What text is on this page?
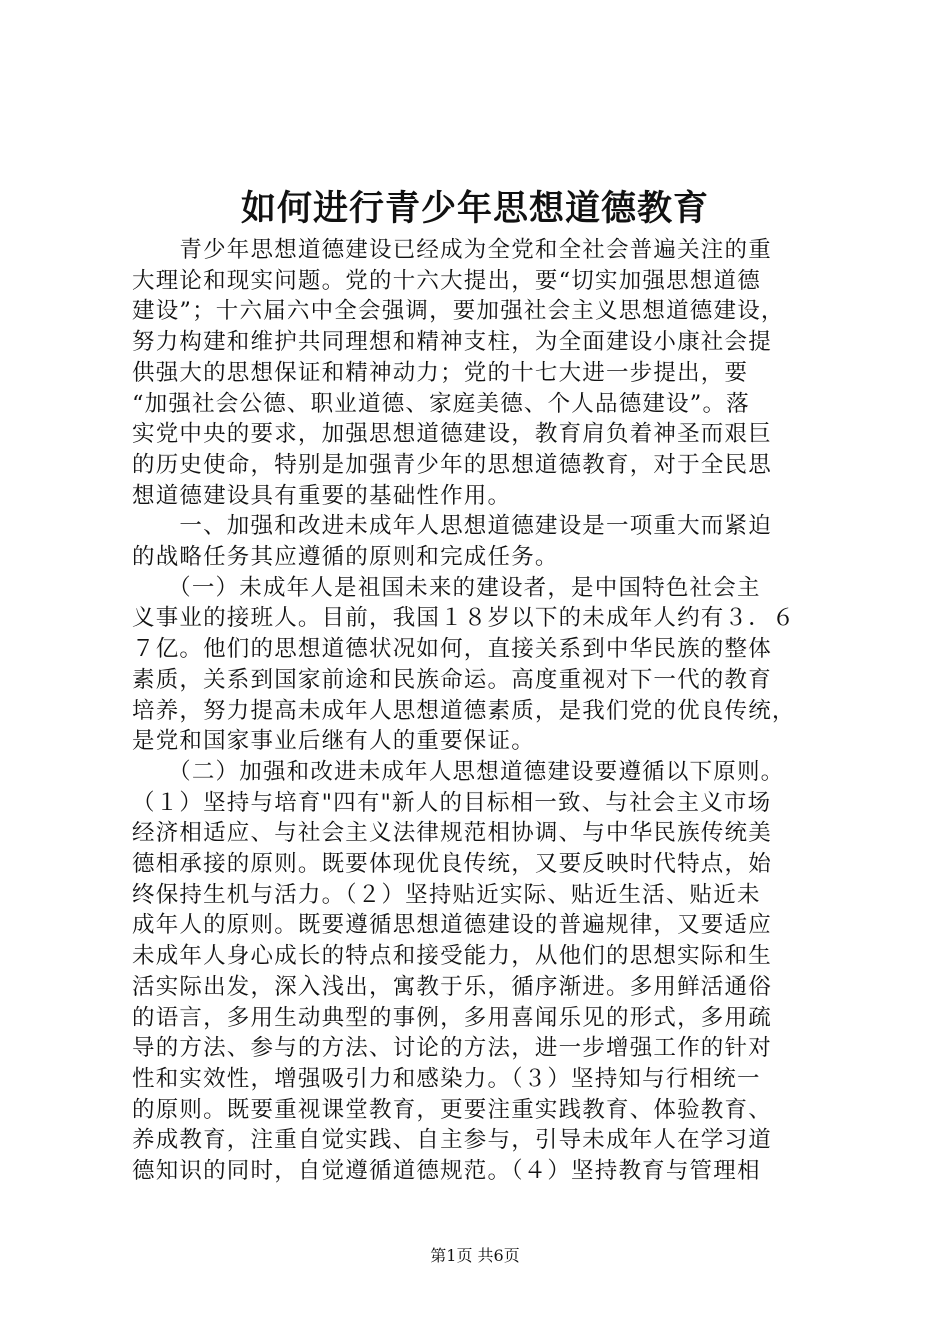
如何进行青少年思想道德教育
　　青少年思想道德建设已经成为全党和全社会普遍关注的重
大理论和现实问题。党的十六大提出，要“切实加强思想道德
建设”；十六届六中全会强调，要加强社会主义思想道德建设，
努力构建和维护共同理想和精神支柱，为全面建设小康社会提
供强大的思想保证和精神动力；党的十七大进一步提出，要
“加强社会公德、职业道德、家庭美德、个人品德建设”。落
实党中央的要求，加强思想道德建设，教育肩负着神圣而艰巨
的历史使命，特别是加强青少年的思想道德教育，对于全民思
想道德建设具有重要的基础性作用。
　　一、加强和改进未成年人思想道德建设是一项重大而紧迫
的战略任务其应遵循的原则和完成任务。
　　（一）未成年人是祖国未来的建设者，是中国特色社会主
义事业的接班人。目前，我国１８岁以下的未成年人约有３．６
７亿。他们的思想道德状况如何，直接关系到中华民族的整体
素质，关系到国家前途和民族命运。高度重视对下一代的教育
培养，努力提高未成年人思想道德素质，是我们党的优良传统，
是党和国家事业后继有人的重要保证。
　　（二）加强和改进未成年人思想道德建设要遵循以下原则。
（１）坚持与培育"四有"新人的目标相一致、与社会主义市场
经济相适应、与社会主义法律规范相协调、与中华民族传统美
德相承接的原则。既要体现优良传统，又要反映时代特点，始
终保持生机与活力。（２）坚持贴近实际、贴近生活、贴近未
成年人的原则。既要遵循思想道德建设的普遍规律，又要适应
未成年人身心成长的特点和接受能力，从他们的思想实际和生
活实际出发，深入浅出，寓教于乐，循序渐进。多用鲜活通俗
的语言，多用生动典型的事例，多用喜闻乐见的形式，多用疏
导的方法、参与的方法、讨论的方法，进一步增强工作的针对
性和实效性，增强吸引力和感染力。（３）坚持知与行相统一
的原则。既要重视课堂教育，更要注重实践教育、体验教育、
养成教育，注重自觉实践、自主参与，引导未成年人在学习道
德知识的同时，自觉遵循道德规范。（４）坚持教育与管理相
第1页 共6页
